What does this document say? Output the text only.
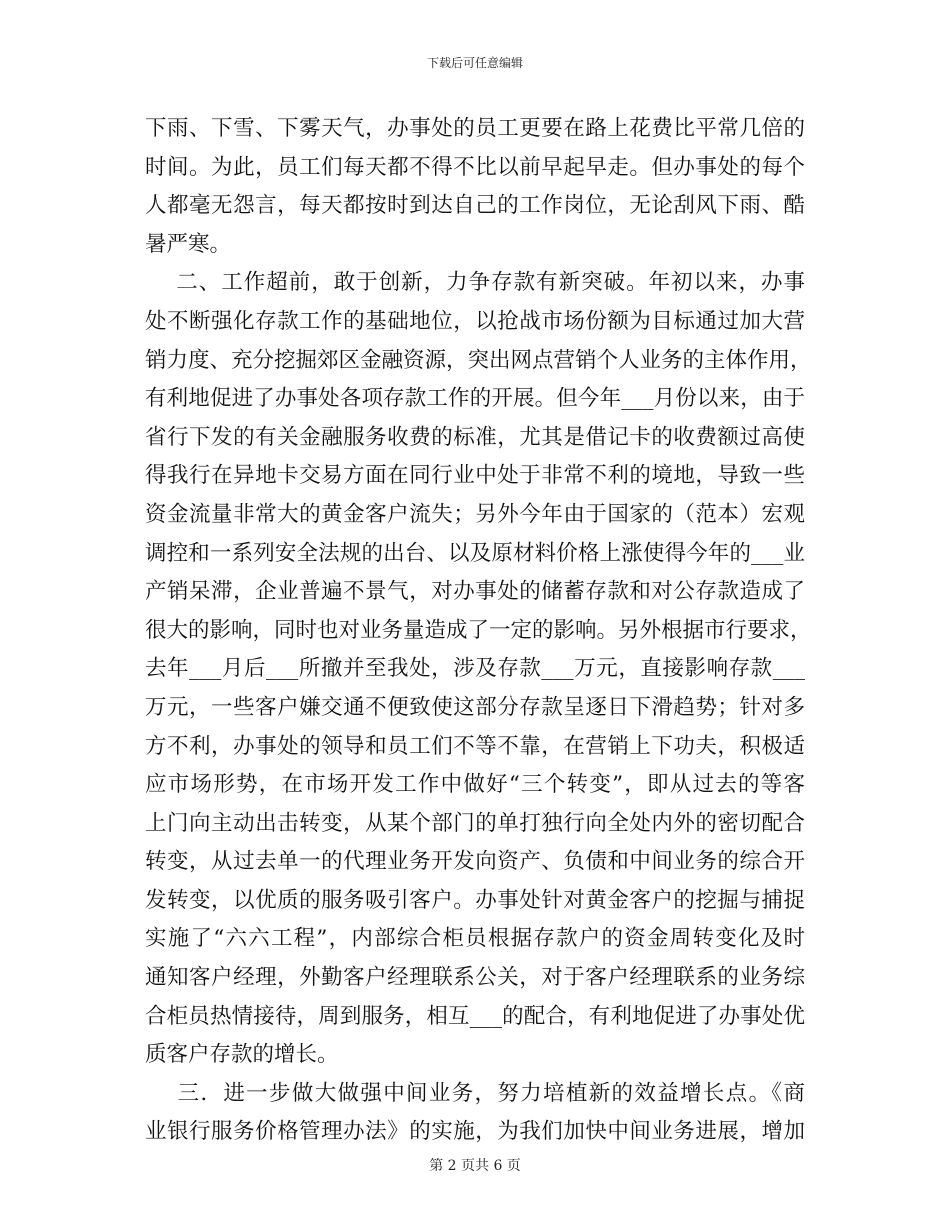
下载后可任意编辑
下雨、下雪、下雾天气，办事处的员工更要在路上花费比平常几倍的
时间。为此，员工们每天都不得不比以前早起早走。但办事处的每个
人都毫无怨言，每天都按时到达自己的工作岗位，无论刮风下雨、酷
暑严寒。
二、工作超前，敢于创新，力争存款有新突破。年初以来，办事
处不断强化存款工作的基础地位，以抢战市场份额为目标通过加大营
销力度、充分挖掘郊区金融资源，突出网点营销个人业务的主体作用，
有利地促进了办事处各项存款工作的开展。但今年___月份以来，由于
省行下发的有关金融服务收费的标准，尤其是借记卡的收费额过高使
得我行在异地卡交易方面在同行业中处于非常不利的境地，导致一些
资金流量非常大的黄金客户流失；另外今年由于国家的（范本）宏观
调控和一系列安全法规的出台、以及原材料价格上涨使得今年的___业
产销呆滞，企业普遍不景气，对办事处的储蓄存款和对公存款造成了
很大的影响，同时也对业务量造成了一定的影响。另外根据市行要求，
去年___月后___所撤并至我处，涉及存款___万元，直接影响存款___
万元，一些客户嫌交通不便致使这部分存款呈逐日下滑趋势；针对多
方不利，办事处的领导和员工们不等不靠，在营销上下功夫，积极适
应市场形势，在市场开发工作中做好“三个转变”，即从过去的等客
上门向主动出击转变，从某个部门的单打独行向全处内外的密切配合
转变，从过去单一的代理业务开发向资产、负债和中间业务的综合开
发转变，以优质的服务吸引客户。办事处针对黄金客户的挖掘与捕捉
实施了“六六工程”，内部综合柜员根据存款户的资金周转变化及时
通知客户经理，外勤客户经理联系公关，对于客户经理联系的业务综
合柜员热情接待，周到服务，相互___的配合，有利地促进了办事处优
质客户存款的增长。
三．进一步做大做强中间业务，努力培植新的效益增长点。《商
业银行服务价格管理办法》的实施，为我们加快中间业务进展，增加
第 2 页共 6 页
